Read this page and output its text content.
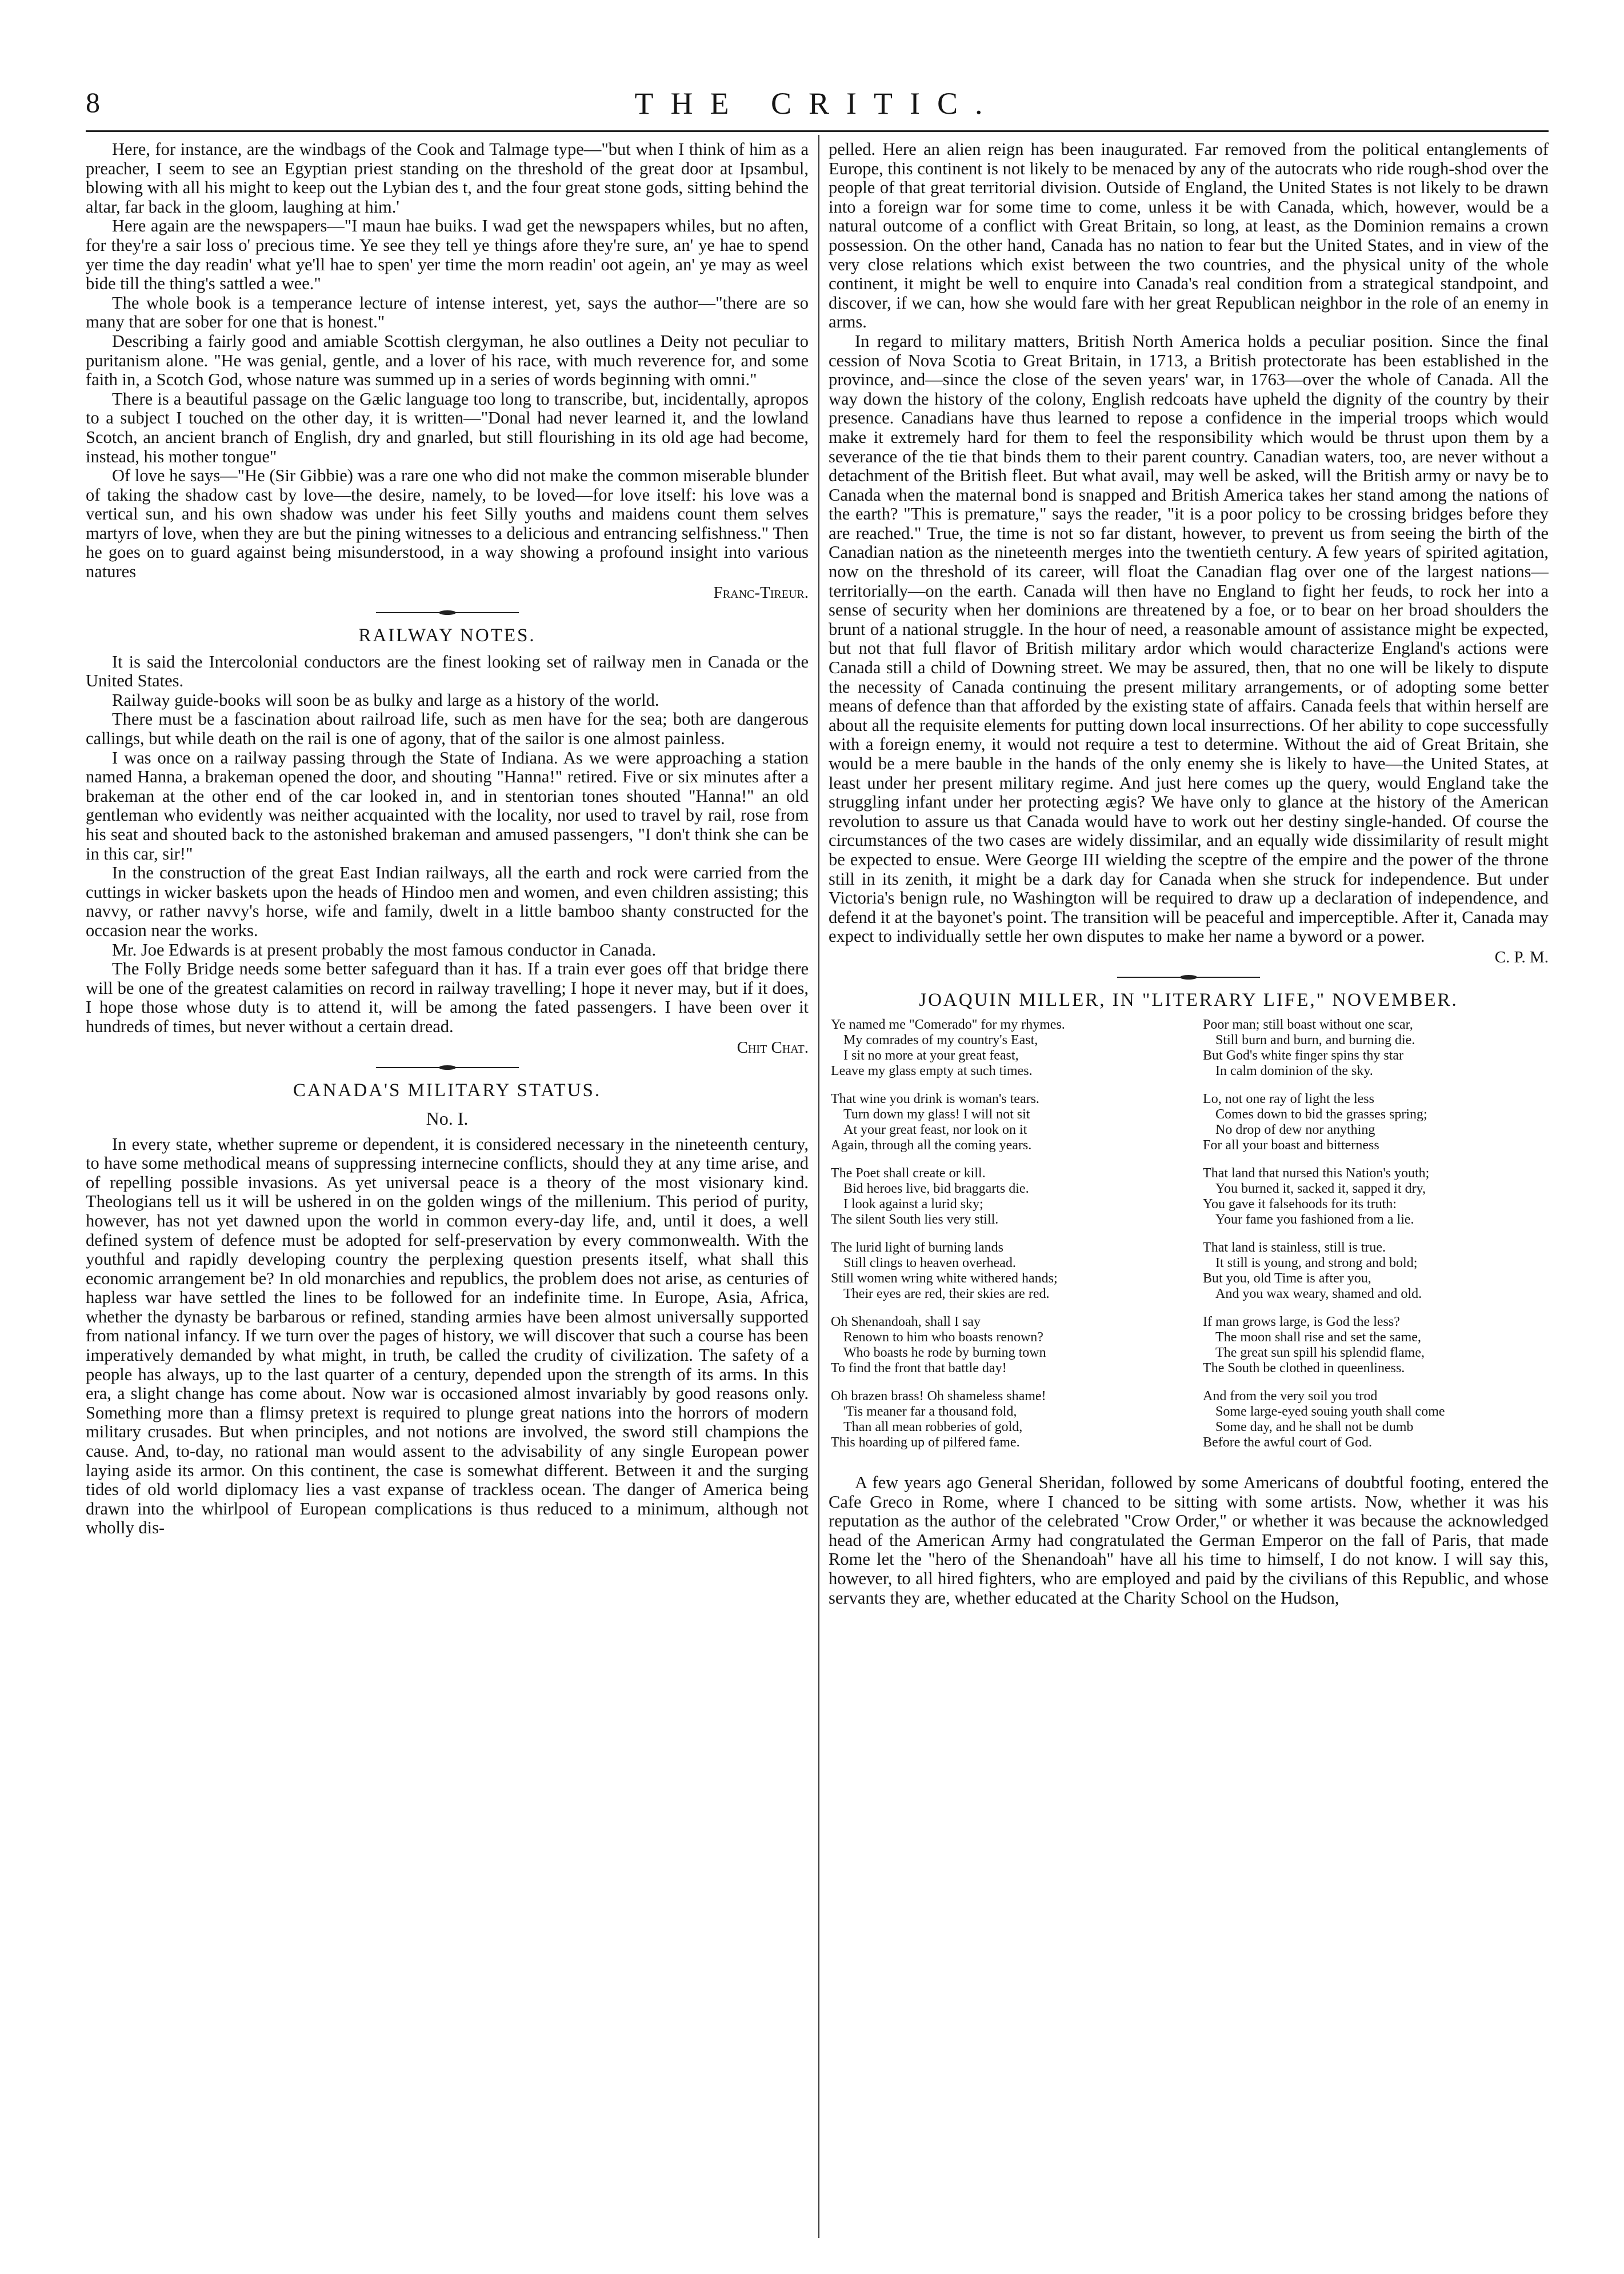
8	THE CRITIC.

Here, for instance, are the windbags of the Cook and Talmage type—"but when I think of him as a preacher, I seem to see an Egyptian priest standing on the threshold of the great door at Ipsambul, blowing with all his might to keep out the Lybian des t, and the four great stone gods, sitting behind the altar, far back in the gloom, laughing at him.'

Here again are the newspapers—"I maun hae buiks. I wad get the newspapers whiles, but no aften, for they're a sair loss o' precious time. Ye see they tell ye things afore they're sure, an' ye hae to spend yer time the day readin' what ye'll hae to spen' yer time the morn readin' oot agein, an' ye may as weel bide till the thing's sattled a wee."

The whole book is a temperance lecture of intense interest, yet, says the author—"there are so many that are sober for one that is honest."

Describing a fairly good and amiable Scottish clergyman, he also outlines a Deity not peculiar to puritanism alone. "He was genial, gentle, and a lover of his race, with much reverence for, and some faith in, a Scotch God, whose nature was summed up in a series of words beginning with omni."

There is a beautiful passage on the Gælic language too long to transcribe, but, incidentally, apropos to a subject I touched on the other day, it is written—"Donal had never learned it, and the lowland Scotch, an ancient branch of English, dry and gnarled, but still flourishing in its old age had become, instead, his mother tongue"

Of love he says—"He (Sir Gibbie) was a rare one who did not make the common miserable blunder of taking the shadow cast by love—the desire, namely, to be loved—for love itself: his love was a vertical sun, and his own shadow was under his feet Silly youths and maidens count them selves martyrs of love, when they are but the pining witnesses to a delicious and entrancing selfishness." Then he goes on to guard against being misunderstood, in a way showing a profound insight into various natures

Franc-Tireur.
RAILWAY NOTES.

It is said the Intercolonial conductors are the finest looking set of railway men in Canada or the United States.

Railway guide-books will soon be as bulky and large as a history of the world.

There must be a fascination about railroad life, such as men have for the sea; both are dangerous callings, but while death on the rail is one of agony, that of the sailor is one almost painless.

I was once on a railway passing through the State of Indiana. As we were approaching a station named Hanna, a brakeman opened the door, and shouting "Hanna!" retired. Five or six minutes after a brakeman at the other end of the car looked in, and in stentorian tones shouted "Hanna!" an old gentleman who evidently was neither acquainted with the locality, nor used to travel by rail, rose from his seat and shouted back to the astonished brakeman and amused passengers, "I don't think she can be in this car, sir!"

In the construction of the great East Indian railways, all the earth and rock were carried from the cuttings in wicker baskets upon the heads of Hindoo men and women, and even children assisting; this navvy, or rather navvy's horse, wife and family, dwelt in a little bamboo shanty constructed for the occasion near the works.

Mr. Joe Edwards is at present probably the most famous conductor in Canada.

The Folly Bridge needs some better safeguard than it has. If a train ever goes off that bridge there will be one of the greatest calamities on record in railway travelling; I hope it never may, but if it does, I hope those whose duty is to attend it, will be among the fated passengers. I have been over it hundreds of times, but never without a certain dread.

Chit Chat.
CANADA'S MILITARY STATUS.
No. I.

In every state, whether supreme or dependent, it is considered necessary in the nineteenth century, to have some methodical means of suppressing internecine conflicts, should they at any time arise, and of repelling possible invasions. As yet universal peace is a theory of the most visionary kind. Theologians tell us it will be ushered in on the golden wings of the millenium. This period of purity, however, has not yet dawned upon the world in common every-day life, and, until it does, a well defined system of defence must be adopted for self-preservation by every commonwealth. With the youthful and rapidly developing country the perplexing question presents itself, what shall this economic arrangement be? In old monarchies and republics, the problem does not arise, as centuries of hapless war have settled the lines to be followed for an indefinite time. In Europe, Asia, Africa, whether the dynasty be barbarous or refined, standing armies have been almost universally supported from national infancy. If we turn over the pages of history, we will discover that such a course has been imperatively demanded by what might, in truth, be called the crudity of civilization. The safety of a people has always, up to the last quarter of a century, depended upon the strength of its arms. In this era, a slight change has come about. Now war is occasioned almost invariably by good reasons only. Something more than a flimsy pretext is required to plunge great nations into the horrors of modern military crusades. But when principles, and not notions are involved, the sword still champions the cause. And, to-day, no rational man would assent to the advisability of any single European power laying aside its armor. On this continent, the case is somewhat different. Between it and the surging tides of old world diplomacy lies a vast expanse of trackless ocean. The danger of America being drawn into the whirlpool of European complications is thus reduced to a minimum, although not wholly dis-

pelled. Here an alien reign has been inaugurated. Far removed from the political entanglements of Europe, this continent is not likely to be menaced by any of the autocrats who ride rough-shod over the people of that great territorial division. Outside of England, the United States is not likely to be drawn into a foreign war for some time to come, unless it be with Canada, which, however, would be a natural outcome of a conflict with Great Britain, so long, at least, as the Dominion remains a crown possession. On the other hand, Canada has no nation to fear but the United States, and in view of the very close relations which exist between the two countries, and the physical unity of the whole continent, it might be well to enquire into Canada's real condition from a strategical standpoint, and discover, if we can, how she would fare with her great Republican neighbor in the role of an enemy in arms.

In regard to military matters, British North America holds a peculiar position. Since the final cession of Nova Scotia to Great Britain, in 1713, a British protectorate has been established in the province, and—since the close of the seven years' war, in 1763—over the whole of Canada. All the way down the history of the colony, English redcoats have upheld the dignity of the country by their presence. Canadians have thus learned to repose a confidence in the imperial troops which would make it extremely hard for them to feel the responsibility which would be thrust upon them by a severance of the tie that binds them to their parent country. Canadian waters, too, are never without a detachment of the British fleet. But what avail, may well be asked, will the British army or navy be to Canada when the maternal bond is snapped and British America takes her stand among the nations of the earth? "This is premature," says the reader, "it is a poor policy to be crossing bridges before they are reached." True, the time is not so far distant, however, to prevent us from seeing the birth of the Canadian nation as the nineteenth merges into the twentieth century. A few years of spirited agitation, now on the threshold of its career, will float the Canadian flag over one of the largest nations—territorially—on the earth. Canada will then have no England to fight her feuds, to rock her into a sense of security when her dominions are threatened by a foe, or to bear on her broad shoulders the brunt of a national struggle. In the hour of need, a reasonable amount of assistance might be expected, but not that full flavor of British military ardor which would characterize England's actions were Canada still a child of Downing street. We may be assured, then, that no one will be likely to dispute the necessity of Canada continuing the present military arrangements, or of adopting some better means of defence than that afforded by the existing state of affairs. Canada feels that within herself are about all the requisite elements for putting down local insurrections. Of her ability to cope successfully with a foreign enemy, it would not require a test to determine. Without the aid of Great Britain, she would be a mere bauble in the hands of the only enemy she is likely to have—the United States, at least under her present military regime. And just here comes up the query, would England take the struggling infant under her protecting ægis? We have only to glance at the history of the American revolution to assure us that Canada would have to work out her destiny single-handed. Of course the circumstances of the two cases are widely dissimilar, and an equally wide dissimilarity of result might be expected to ensue. Were George III wielding the sceptre of the empire and the power of the throne still in its zenith, it might be a dark day for Canada when she struck for independence. But under Victoria's benign rule, no Washington will be required to draw up a declaration of independence, and defend it at the bayonet's point. The transition will be peaceful and imperceptible. After it, Canada may expect to individually settle her own disputes to make her name a byword or a power.

C. P. M.
JOAQUIN MILLER, IN "LITERARY LIFE," NOVEMBER.
Ye named me "Comerado" for my rhymes.
My comrades of my country's East,
I sit no more at your great feast,
Leave my glass empty at such times.
That wine you drink is woman's tears.
Turn down my glass! I will not sit
At your great feast, nor look on it
Again, through all the coming years.
The Poet shall create or kill.
Bid heroes live, bid braggarts die.
I look against a lurid sky;
The silent South lies very still.
The lurid light of burning lands
Still clings to heaven overhead.
Still women wring white withered hands;
Their eyes are red, their skies are red.
Oh Shenandoah, shall I say
Renown to him who boasts renown?
Who boasts he rode by burning town
To find the front that battle day!
Oh brazen brass! Oh shameless shame!
'Tis meaner far a thousand fold,
Than all mean robberies of gold,
This hoarding up of pilfered fame.
Poor man; still boast without one scar,
Still burn and burn, and burning die.
But God's white finger spins thy star
In calm dominion of the sky.
Lo, not one ray of light the less
Comes down to bid the grasses spring;
No drop of dew nor anything
For all your boast and bitterness
That land that nursed this Nation's youth;
You burned it, sacked it, sapped it dry,
You gave it falsehoods for its truth:
Your fame you fashioned from a lie.
That land is stainless, still is true.
It still is young, and strong and bold;
But you, old Time is after you,
And you wax weary, shamed and old.
If man grows large, is God the less?
The moon shall rise and set the same,
The great sun spill his splendid flame,
The South be clothed in queenliness.
And from the very soil you trod
Some large-eyed souing youth shall come
Some day, and he shall not be dumb
Before the awful court of God.

A few years ago General Sheridan, followed by some Americans of doubtful footing, entered the Cafe Greco in Rome, where I chanced to be sitting with some artists. Now, whether it was his reputation as the author of the celebrated "Crow Order," or whether it was because the acknowledged head of the American Army had congratulated the German Emperor on the fall of Paris, that made Rome let the "hero of the Shenandoah" have all his time to himself, I do not know. I will say this, however, to all hired fighters, who are employed and paid by the civilians of this Republic, and whose servants they are, whether educated at the Charity School on the Hudson,
